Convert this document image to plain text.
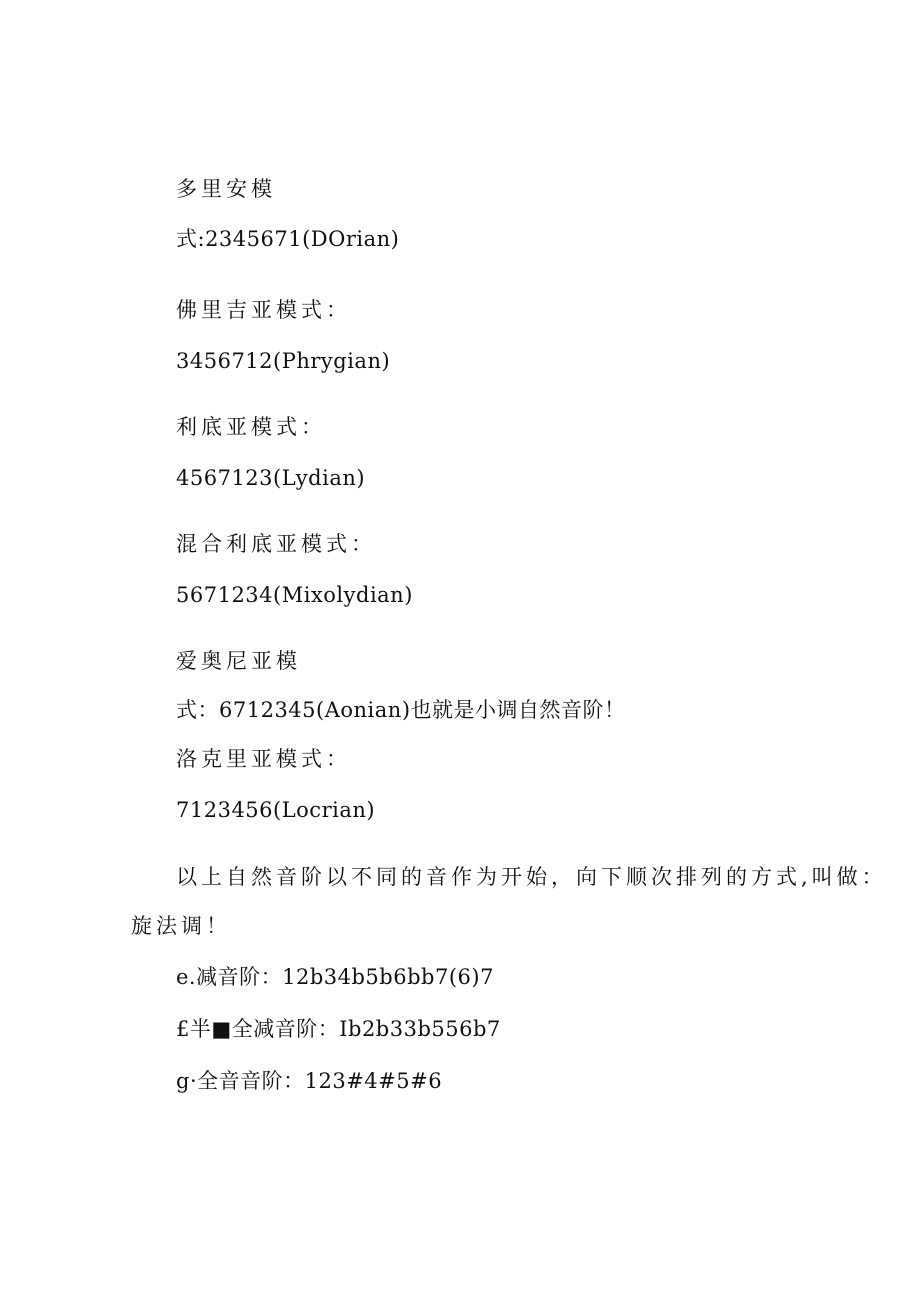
多里安模
式:2345671(DOrian)
佛里吉亚模式：
3456712(Phrygian)
利底亚模式：
4567123(Lydian)
混合利底亚模式：
5671234(Mixolydian)
爱奥尼亚模
式：6712345(Aonian)也就是小调自然音阶！
洛克里亚模式：
7123456(Locrian)
以上自然音阶以不同的音作为开始，向下顺次排列的方式,叫做：
旋法调！
e.减音阶：12b34b5b6bb7(6)7
£半■全减音阶：Ib2b33b556b7
g·全音音阶：123#4#5#6
